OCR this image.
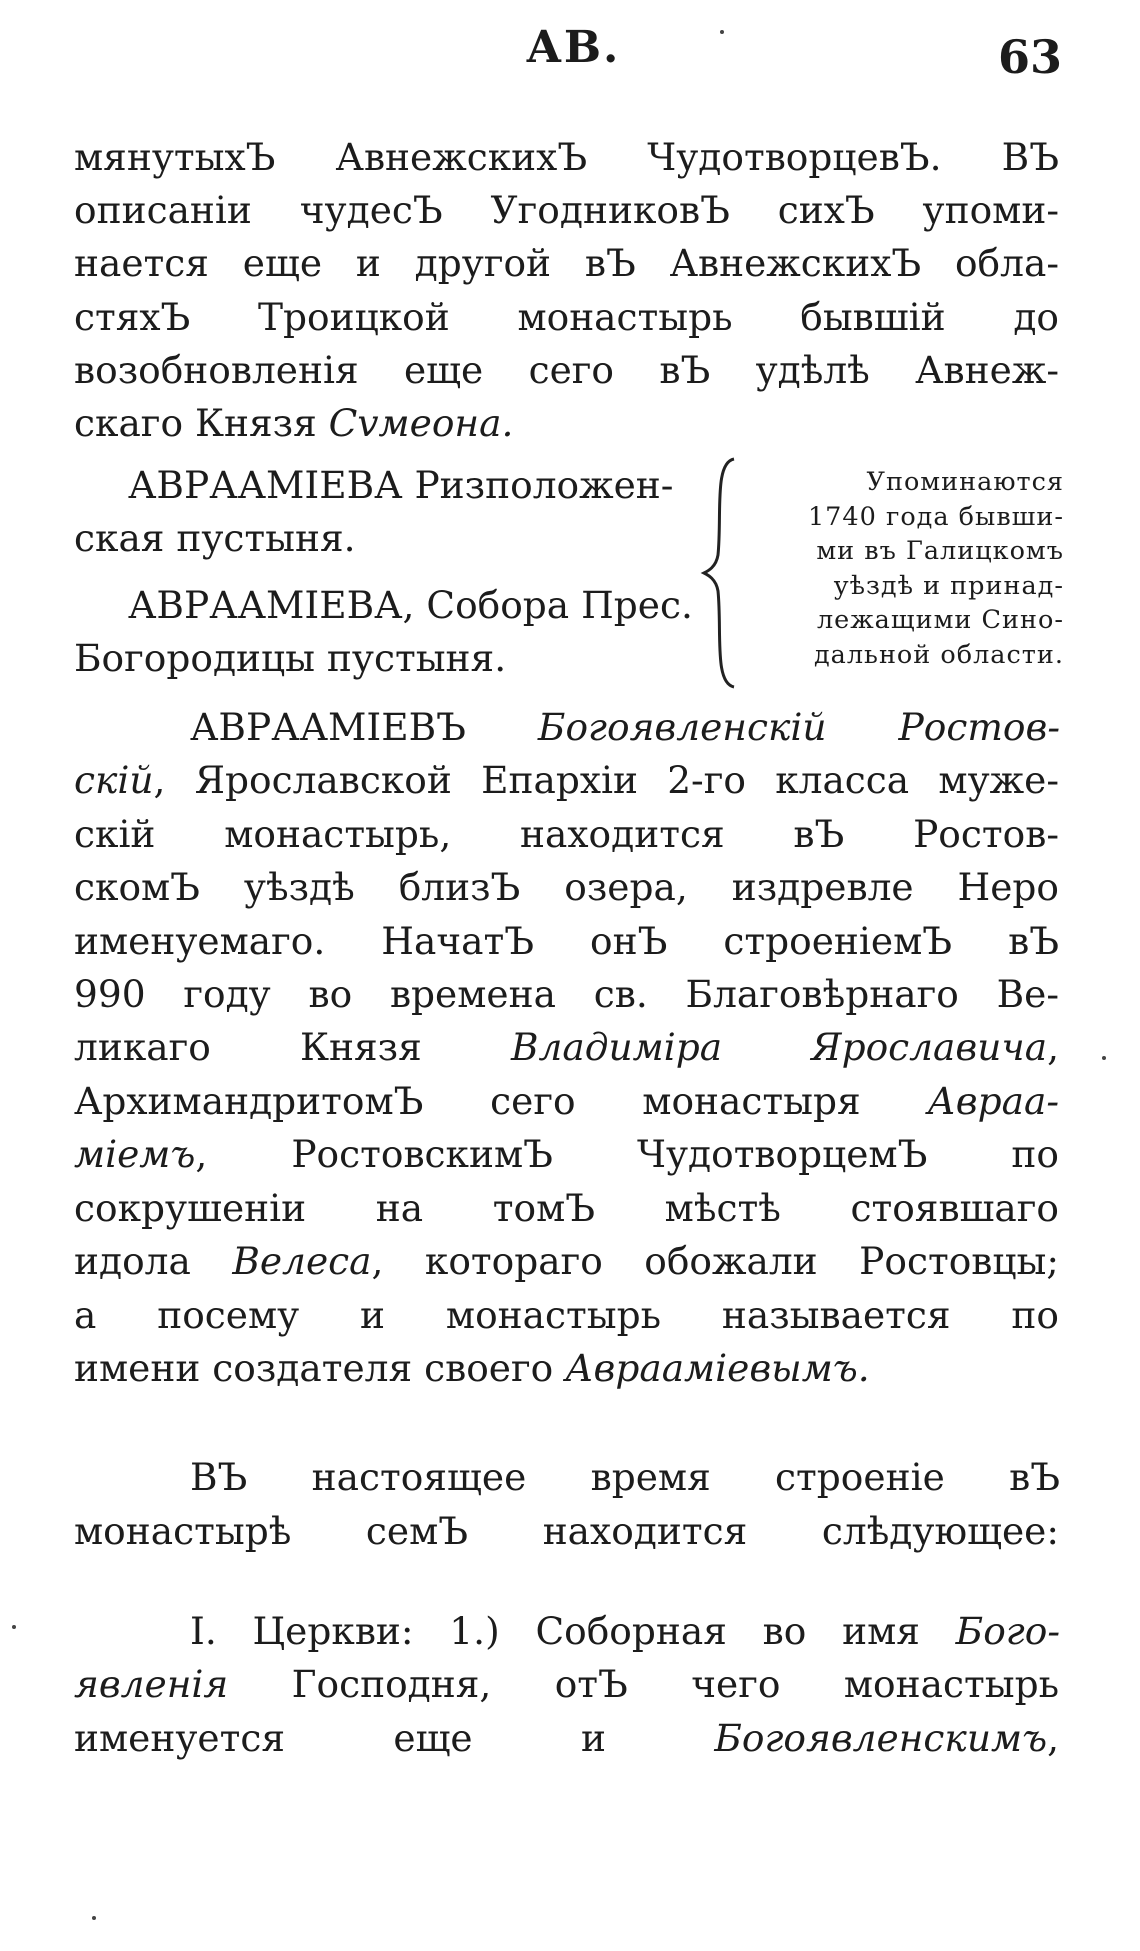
АВ.	63
мянутыхЪ АвнежскихЪ ЧудотворцевЪ. ВЪ
описанiи чудесЪ УгодниковЪ сихЪ упоми-
нается еще и другой вЪ АвнежскихЪ обла-
стяхЪ Троицкой монастырь бывшiй до
возобновленiя еще сего вЪ удѣлѣ Авнеж-
скаго Князя Сvмеона.
АВРААМIЕВА Ризположен-
ская пустыня.
АВРААМIЕВА, Собора Прес.
Богородицы пустыня.
Упоминаются
1740 года бывши-
ми въ Галицкомъ
уѣздѣ и принад-
лежащими Сино-
дальной области.
АВРААМIЕВЪ Богоявленскiй Ростов-
скiй, Ярославской Епархiи 2-го класса муже-
скiй монастырь, находится вЪ Ростов-
скомЪ уѣздѣ близЪ озера, издревле Неро
именуемаго. НачатЪ онЪ строенiемЪ вЪ
990 году во времена св. Благовѣрнаго Ве-
ликаго Князя Владимiра Ярославича,
АрхимандритомЪ сего монастыря Авраа-
мiемъ, РостовскимЪ ЧудотворцемЪ по
сокрушенiи на томЪ мѣстѣ стоявшаго
идола Велеса, котораго обожали Ростовцы;
а посему и монастырь называется по
имени создателя своего Авраамiевымъ.
ВЪ настоящее время строенiе вЪ
монастырѣ семЪ находится слѣдующее:
I. Церкви: 1.) Соборная во имя Бого-
явленiя Господня, отЪ чего монастырь
именуется еще и Богоявленскимъ,
